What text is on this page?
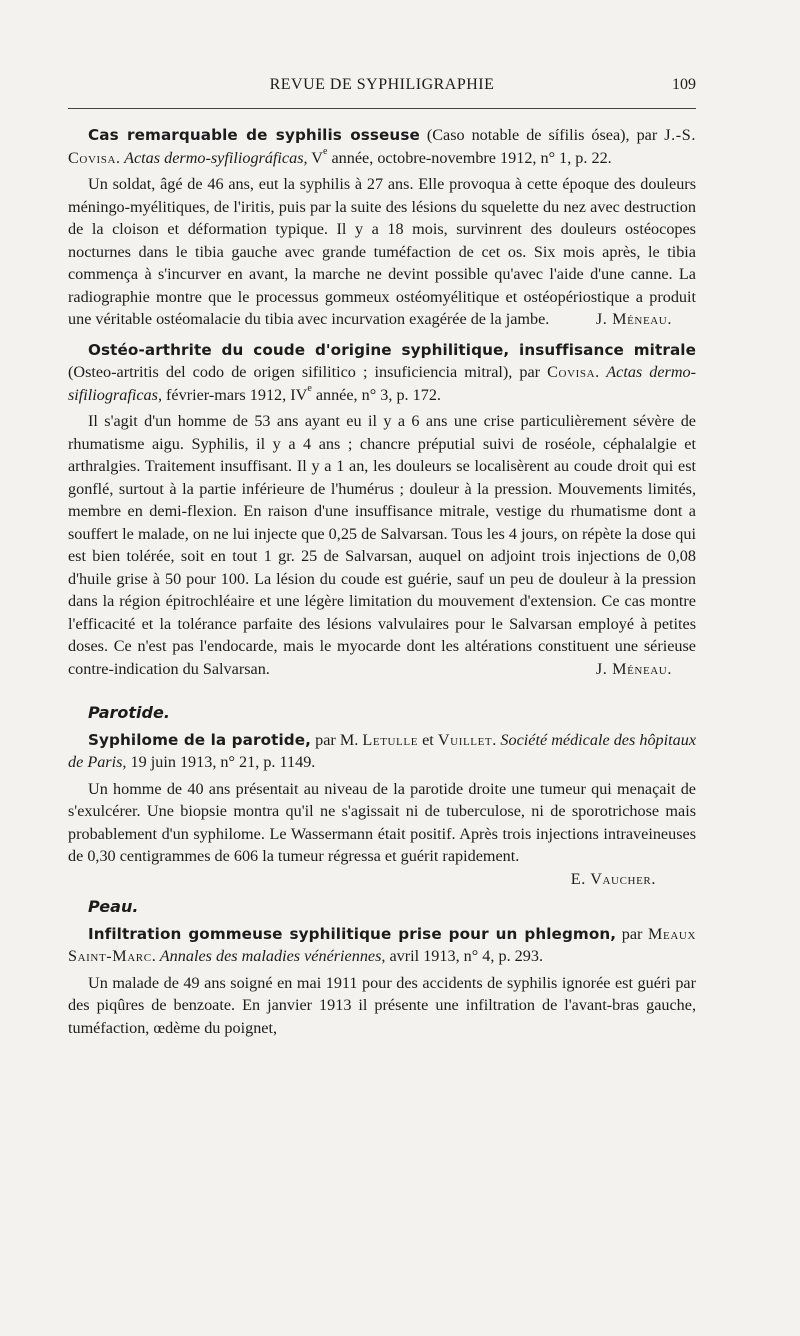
REVUE DE SYPHILIGRAPHIE	109

Cas remarquable de syphilis osseuse (Caso notable de sífilis ósea), par J.-S. Covisa. Actas dermo-syfiliográficas, Ve année, octobre-novembre 1912, n° 1, p. 22.

Un soldat, âgé de 46 ans, eut la syphilis à 27 ans. Elle provoqua à cette époque des douleurs méningo-myélitiques, de l'iritis, puis par la suite des lésions du squelette du nez avec destruction de la cloison et déformation typique. Il y a 18 mois, survinrent des douleurs ostéocopes nocturnes dans le tibia gauche avec grande tuméfaction de cet os. Six mois après, le tibia commença à s'incurver en avant, la marche ne devint possible qu'avec l'aide d'une canne. La radiographie montre que le processus gommeux ostéomyélitique et ostéopériostique a produit une véritable ostéomalacie du tibia avec incurvation exagérée de la jambe.	J. Méneau.

Ostéo-arthrite du coude d'origine syphilitique, insuffisance mitrale (Osteo-artritis del codo de origen sifilitico ; insuficiencia mitral), par Covisa. Actas dermo-sifiliograficas, février-mars 1912, IVe année, n° 3, p. 172.

Il s'agit d'un homme de 53 ans ayant eu il y a 6 ans une crise particulièrement sévère de rhumatisme aigu. Syphilis, il y a 4 ans ; chancre préputial suivi de roséole, céphalalgie et arthralgies. Traitement insuffisant. Il y a 1 an, les douleurs se localisèrent au coude droit qui est gonflé, surtout à la partie inférieure de l'humérus ; douleur à la pression. Mouvements limités, membre en demi-flexion. En raison d'une insuffisance mitrale, vestige du rhumatisme dont a souffert le malade, on ne lui injecte que 0,25 de Salvarsan. Tous les 4 jours, on répète la dose qui est bien tolérée, soit en tout 1 gr. 25 de Salvarsan, auquel on adjoint trois injections de 0,08 d'huile grise à 50 pour 100. La lésion du coude est guérie, sauf un peu de douleur à la pression dans la région épitrochléaire et une légère limitation du mouvement d'extension. Ce cas montre l'efficacité et la tolérance parfaite des lésions valvulaires pour le Salvarsan employé à petites doses. Ce n'est pas l'endocarde, mais le myocarde dont les altérations constituent une sérieuse contre-indication du Salvarsan.	J. Méneau.

Parotide.

Syphilome de la parotide, par M. Letulle et Vuillet. Société médicale des hôpitaux de Paris, 19 juin 1913, n° 21, p. 1149.

Un homme de 40 ans présentait au niveau de la parotide droite une tumeur qui menaçait de s'exulcérer. Une biopsie montra qu'il ne s'agissait ni de tuberculose, ni de sporotrichose mais probablement d'un syphilome. Le Wassermann était positif. Après trois injections intraveineuses de 0,30 centigrammes de 606 la tumeur régressa et guérit rapidement.

E. Vaucher.

Peau.

Infiltration gommeuse syphilitique prise pour un phlegmon, par Meaux Saint-Marc. Annales des maladies vénériennes, avril 1913, n° 4, p. 293.

Un malade de 49 ans soigné en mai 1911 pour des accidents de syphilis ignorée est guéri par des piqûres de benzoate. En janvier 1913 il présente une infiltration de l'avant-bras gauche, tuméfaction, œdème du poignet,
